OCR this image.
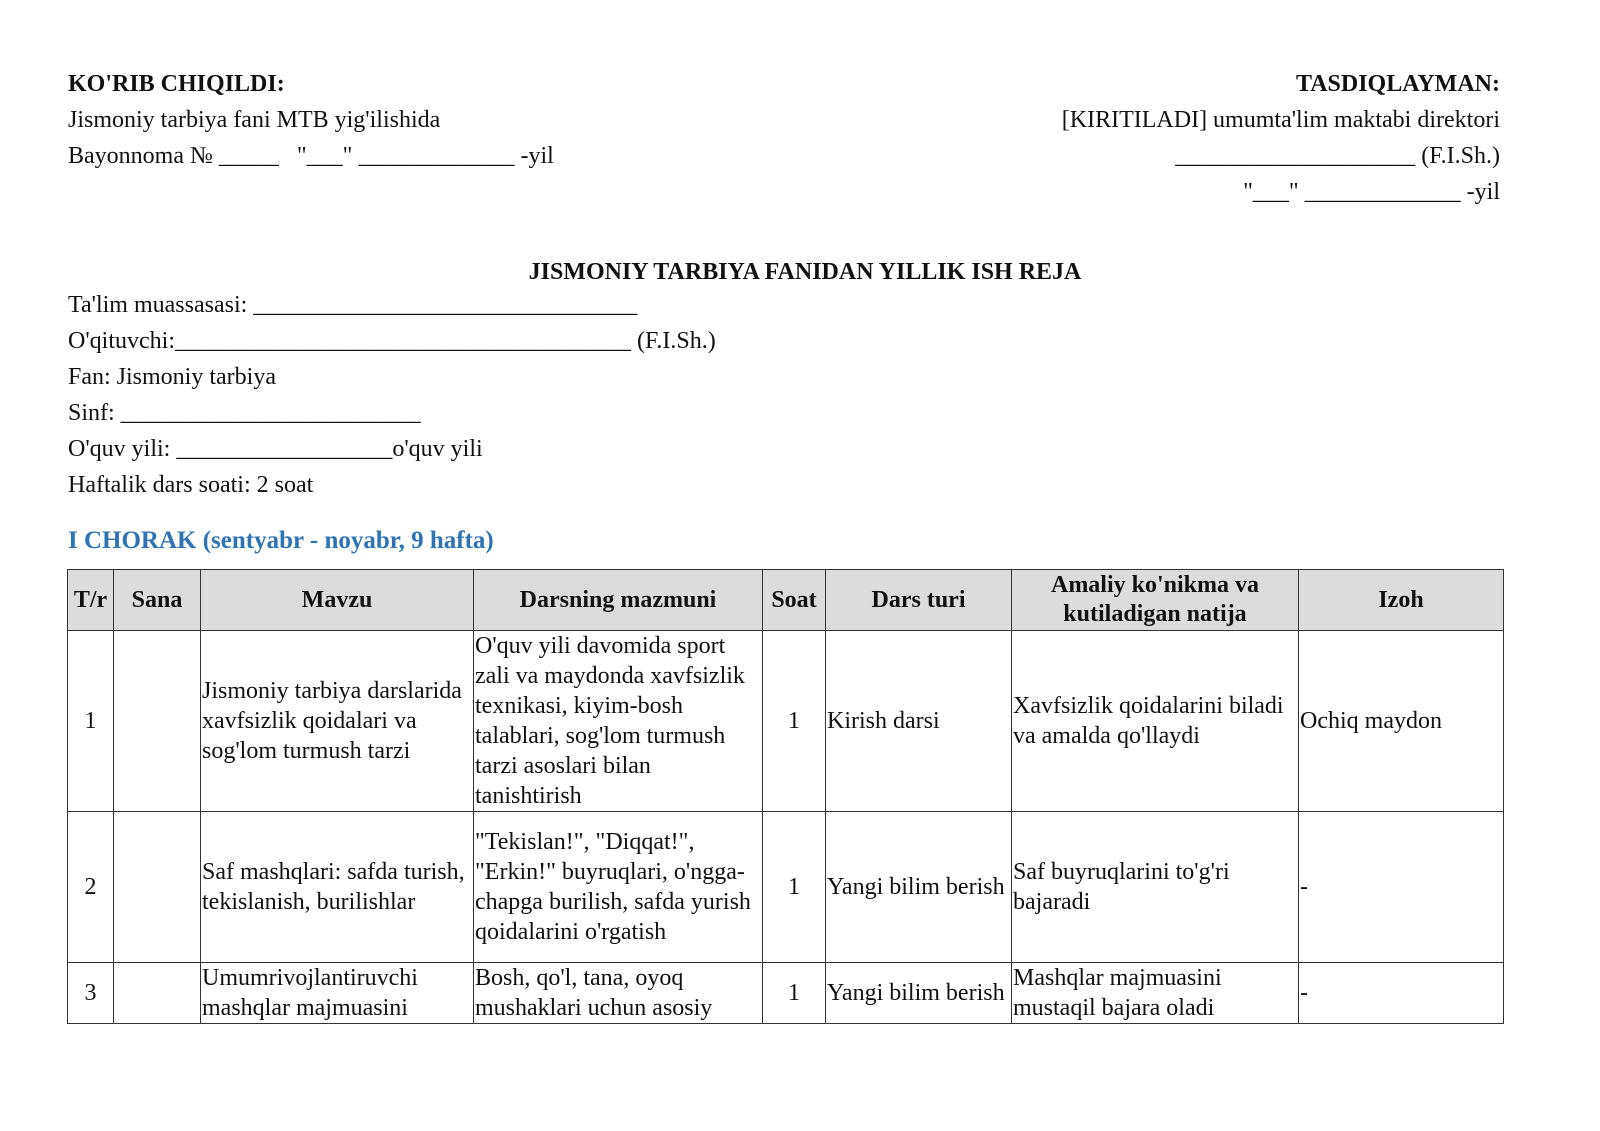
KO'RIB CHIQILDI:
Jismoniy tarbiya fani MTB yig'ilishida
Bayonnoma № _____   "___" _____________ -yil
TASDIQLAYMAN:
[KIRITILADI] umumta'lim maktabi direktori
____________________ (F.I.Sh.)
"___" _____________ -yil
JISMONIY TARBIYA FANIDAN YILLIK ISH REJA
Ta'lim muassasasi: ________________________________
O'qituvchi:______________________________________ (F.I.Sh.)
Fan: Jismoniy tarbiya
Sinf: _________________________
O'quv yili: __________________o'quv yili
Haftalik dars soati: 2 soat
I CHORAK (sentyabr - noyabr, 9 hafta)
T/r	Sana	Mavzu	Darsning mazmuni	Soat	Dars turi	Amaliy ko'nikma va kutiladigan natija	Izoh
1		Jismoniy tarbiya darslarida xavfsizlik qoidalari va sog'lom turmush tarzi	O'quv yili davomida sport zali va maydonda xavfsizlik texnikasi, kiyim-bosh talablari, sog'lom turmush tarzi asoslari bilan tanishtirish	1	Kirish darsi	Xavfsizlik qoidalarini biladi va amalda qo'llaydi	Ochiq maydon
2		Saf mashqlari: safda turish, tekislanish, burilishlar	"Tekislan!", "Diqqat!", "Erkin!" buyruqlari, o'ngga-chapga burilish, safda yurish qoidalarini o'rgatish	1	Yangi bilim berish	Saf buyruqlarini to'g'ri bajaradi	-
3		Umumrivojlantiruvchi mashqlar majmuasini	Bosh, qo'l, tana, oyoq mushaklari uchun asosiy	1	Yangi bilim berish	Mashqlar majmuasini mustaqil bajara oladi	-
